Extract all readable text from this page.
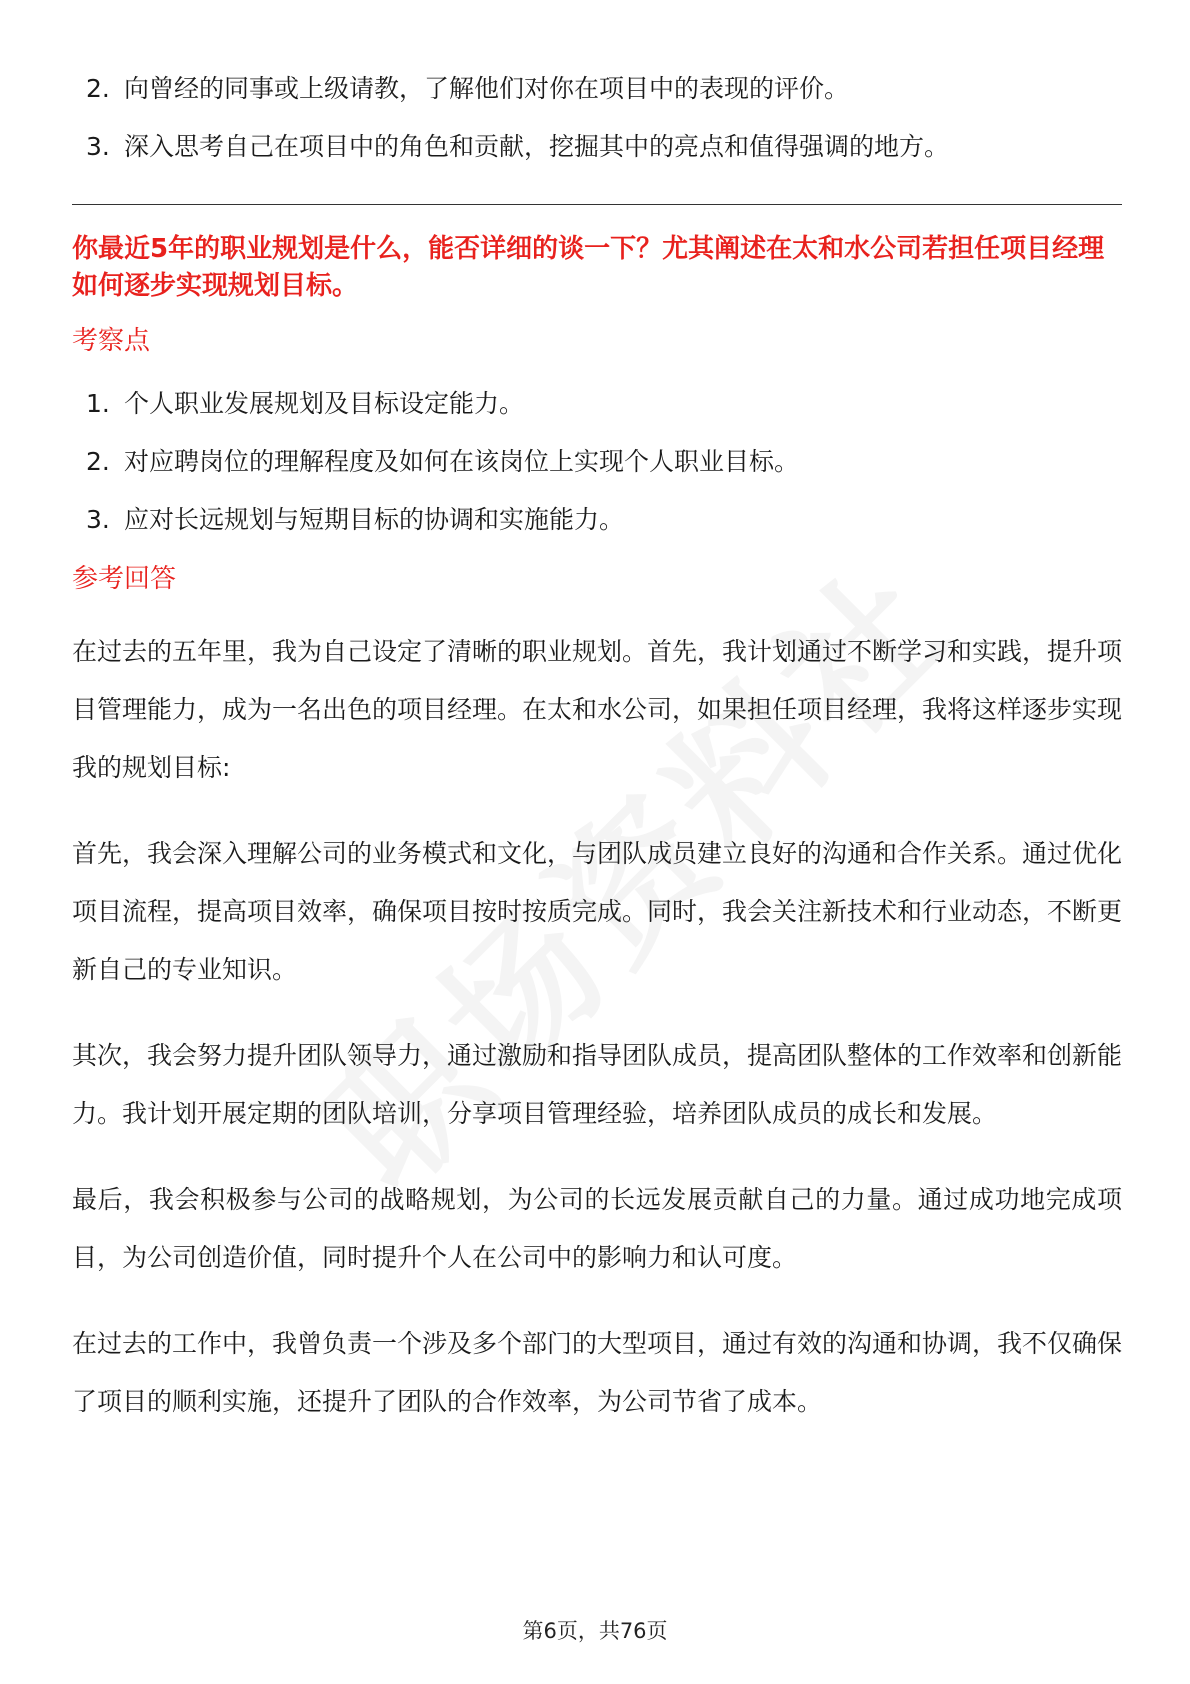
2. 向曾经的同事或上级请教，了解他们对你在项目中的表现的评价。
3. 深入思考自己在项目中的角色和贡献，挖掘其中的亮点和值得强调的地方。
你最近5年的职业规划是什么，能否详细的谈一下？尤其阐述在太和水公司若担任项目经理如何逐步实现规划目标。
考察点
1. 个人职业发展规划及目标设定能力。
2. 对应聘岗位的理解程度及如何在该岗位上实现个人职业目标。
3. 应对长远规划与短期目标的协调和实施能力。
参考回答

在过去的五年里，我为自己设定了清晰的职业规划。首先，我计划通过不断学习和实践，提升项目管理能力，成为一名出色的项目经理。在太和水公司，如果担任项目经理，我将这样逐步实现我的规划目标:

首先，我会深入理解公司的业务模式和文化，与团队成员建立良好的沟通和合作关系。通过优化项目流程，提高项目效率，确保项目按时按质完成。同时，我会关注新技术和行业动态，不断更新自己的专业知识。

其次，我会努力提升团队领导力，通过激励和指导团队成员，提高团队整体的工作效率和创新能力。我计划开展定期的团队培训，分享项目管理经验，培养团队成员的成长和发展。

最后，我会积极参与公司的战略规划，为公司的长远发展贡献自己的力量。通过成功地完成项目，为公司创造价值，同时提升个人在公司中的影响力和认可度。

在过去的工作中，我曾负责一个涉及多个部门的大型项目，通过有效的沟通和协调，我不仅确保了项目的顺利实施，还提升了团队的合作效率，为公司节省了成本。

第6页，共76页
